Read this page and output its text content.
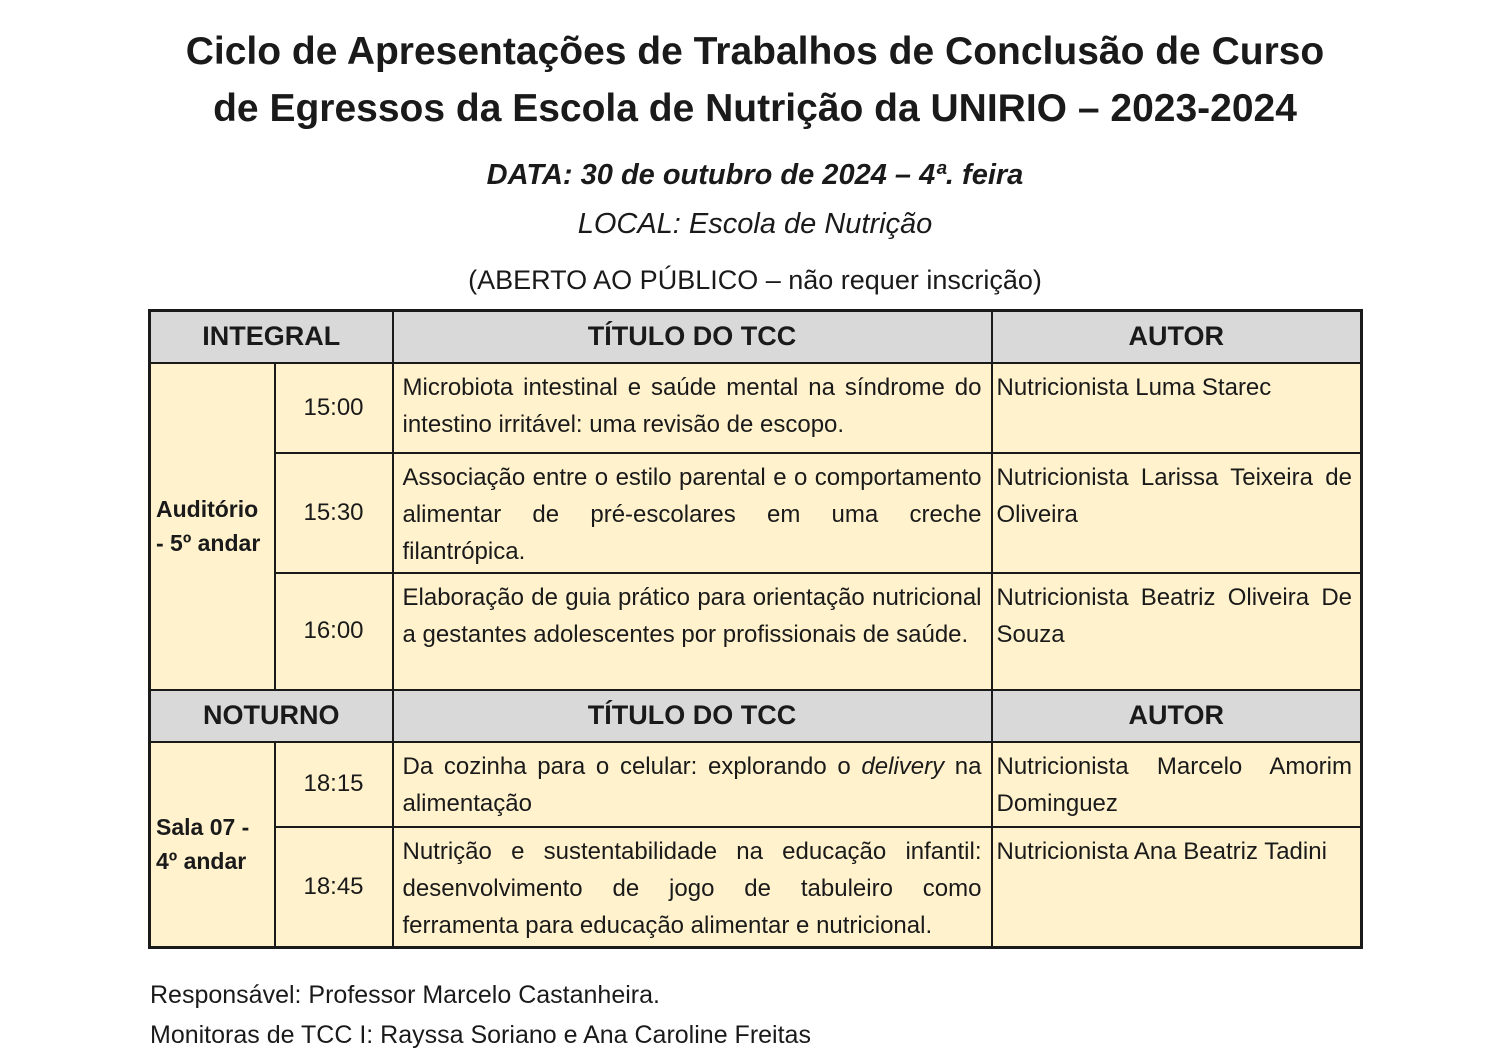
Ciclo de Apresentações de Trabalhos de Conclusão de Curso
de Egressos da Escola de Nutrição da UNIRIO – 2023-2024

DATA: 30 de outubro de 2024 – 4ª. feira

LOCAL: Escola de Nutrição

(ABERTO AO PÚBLICO – não requer inscrição)

INTEGRAL		TÍTULO DO TCC	AUTOR
Auditório - 5º andar	15:00	Microbiota intestinal e saúde mental na síndrome do intestino irritável: uma revisão de escopo.	Nutricionista Luma Starec
	15:30	Associação entre o estilo parental e o comportamento alimentar de pré-escolares em uma creche filantrópica.	Nutricionista Larissa Teixeira de Oliveira
	16:00	Elaboração de guia prático para orientação nutricional a gestantes adolescentes por profissionais de saúde.	Nutricionista Beatriz Oliveira De Souza
NOTURNO		TÍTULO DO TCC	AUTOR
Sala 07 - 4º andar	18:15	Da cozinha para o celular: explorando o delivery na alimentação	Nutricionista Marcelo Amorim Dominguez
	18:45	Nutrição e sustentabilidade na educação infantil: desenvolvimento de jogo de tabuleiro como ferramenta para educação alimentar e nutricional.	Nutricionista Ana Beatriz Tadini

Responsável: Professor Marcelo Castanheira.

Monitoras de TCC I: Rayssa Soriano e Ana Caroline Freitas
